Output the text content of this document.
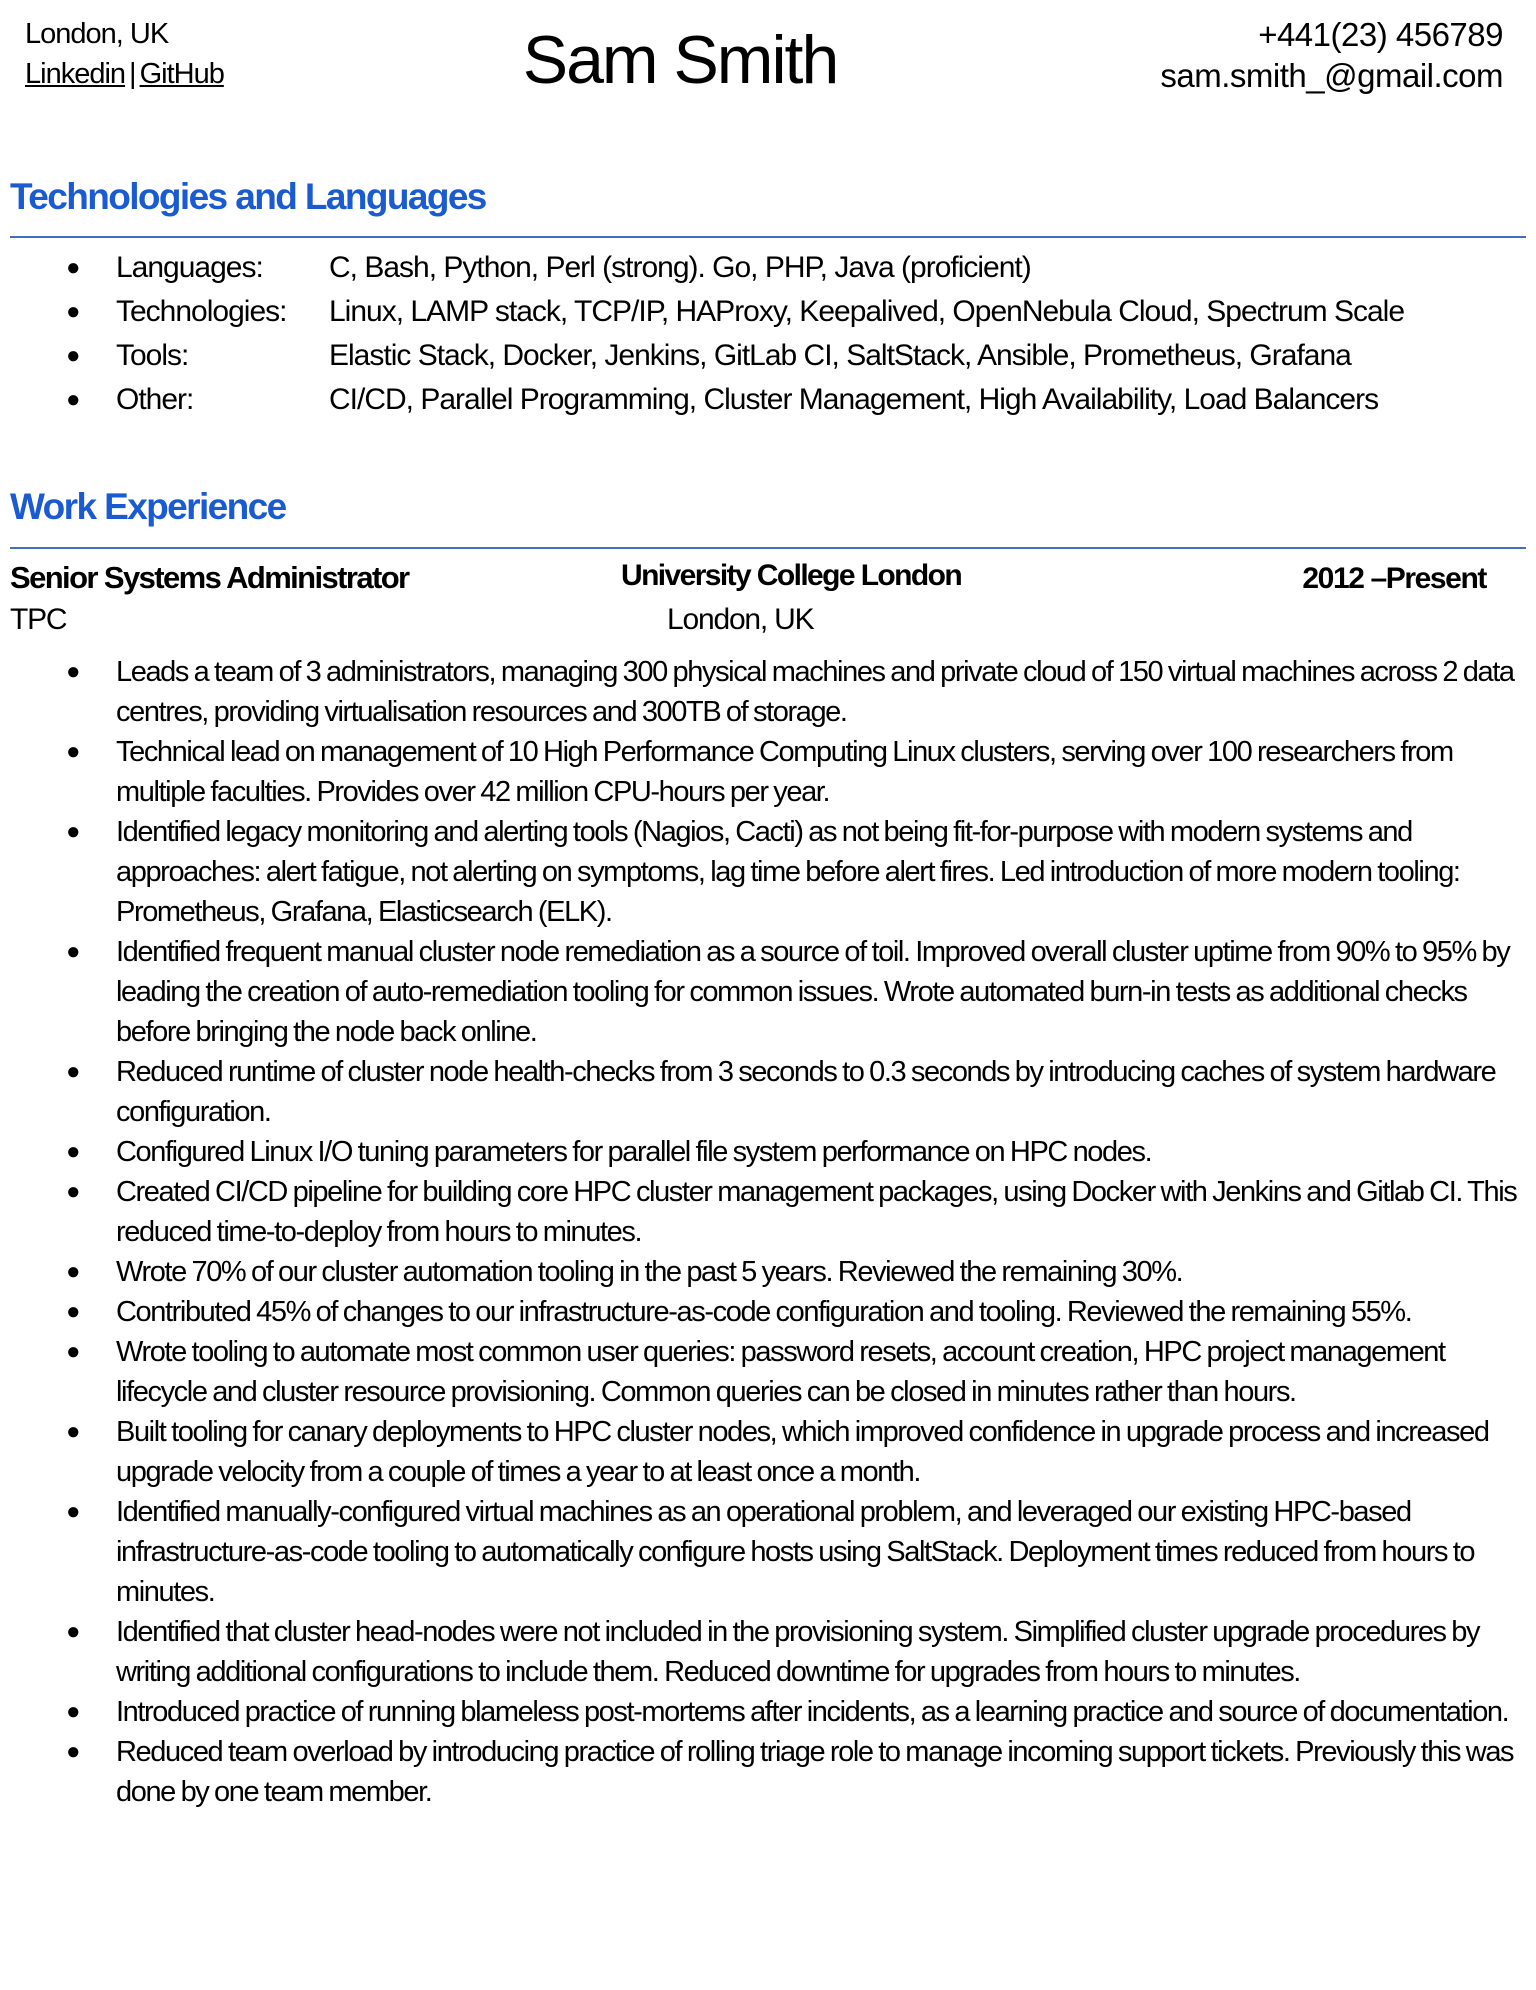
London, UK
Linkedin | GitHub	Sam Smith	+441(23) 456789
sam.smith_@gmail.com
Technologies and Languages
● Languages: C, Bash, Python, Perl (strong). Go, PHP, Java (proficient)
● Technologies: Linux, LAMP stack, TCP/IP, HAProxy, Keepalived, OpenNebula Cloud, Spectrum Scale
● Tools:	Elastic Stack, Docker, Jenkins, GitLab CI, SaltStack, Ansible, Prometheus, Grafana
● Other:	CI/CD, Parallel Programming, Cluster Management, High Availability, Load Balancers
Work Experience
Senior Systems Administrator	University College London	2012 –Present
TPC	London, UK
● Leads a team of 3 administrators, managing 300 physical machines and private cloud of 150 virtual machines across 2 data centres, providing virtualisation resources and 300TB of storage.
● Technical lead on management of 10 High Performance Computing Linux clusters, serving over 100 researchers from multiple faculties. Provides over 42 million CPU-hours per year.
● Identified legacy monitoring and alerting tools (Nagios, Cacti) as not being fit-for-purpose with modern systems and approaches: alert fatigue, not alerting on symptoms, lag time before alert fires. Led introduction of more modern tooling: Prometheus, Grafana, Elasticsearch (ELK).
● Identified frequent manual cluster node remediation as a source of toil. Improved overall cluster uptime from 90% to 95% by leading the creation of auto-remediation tooling for common issues. Wrote automated burn-in tests as additional checks before bringing the node back online.
● Reduced runtime of cluster node health-checks from 3 seconds to 0.3 seconds by introducing caches of system hardware configuration.
● Configured Linux I/O tuning parameters for parallel file system performance on HPC nodes.
● Created CI/CD pipeline for building core HPC cluster management packages, using Docker with Jenkins and Gitlab CI. This reduced time-to-deploy from hours to minutes.
● Wrote 70% of our cluster automation tooling in the past 5 years. Reviewed the remaining 30%.
● Contributed 45% of changes to our infrastructure-as-code configuration and tooling. Reviewed the remaining 55%.
● Wrote tooling to automate most common user queries: password resets, account creation, HPC project management lifecycle and cluster resource provisioning. Common queries can be closed in minutes rather than hours.
● Built tooling for canary deployments to HPC cluster nodes, which improved confidence in upgrade process and increased upgrade velocity from a couple of times a year to at least once a month.
● Identified manually-configured virtual machines as an operational problem, and leveraged our existing HPC-based infrastructure-as-code tooling to automatically configure hosts using SaltStack. Deployment times reduced from hours to minutes.
● Identified that cluster head-nodes were not included in the provisioning system. Simplified cluster upgrade procedures by writing additional configurations to include them. Reduced downtime for upgrades from hours to minutes.
● Introduced practice of running blameless post-mortems after incidents, as a learning practice and source of documentation.
● Reduced team overload by introducing practice of rolling triage role to manage incoming support tickets. Previously this was done by one team member.
